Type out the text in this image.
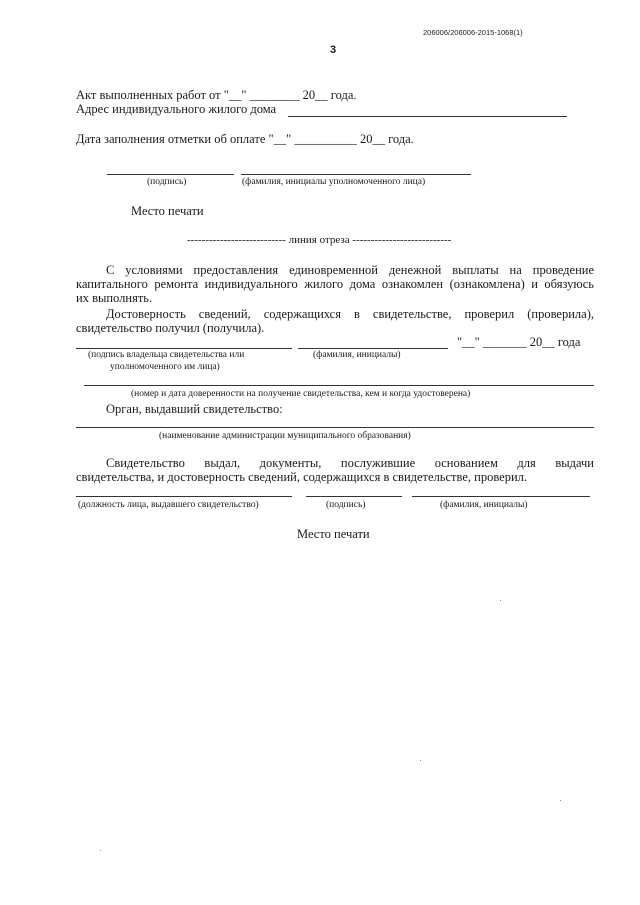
206006/206006-2015-1068(1)
3
Акт выполненных работ от "__" ________ 20__ года.
Адрес индивидуального жилого дома
Дата заполнения отметки об оплате "__" __________ 20__ года.
(подпись)	(фамилия, инициалы уполномоченного лица)
Место печати
--------------------------- линия отреза ---------------------------
С условиями предоставления единовременной денежной выплаты на проведение
капитального ремонта индивидуального жилого дома ознакомлен (ознакомлена) и обязуюсь
их выполнять.
Достоверность сведений, содержащихся в свидетельстве, проверил (проверила),
свидетельство получил (получила).
"__" _______ 20__ года
(подпись владельца свидетельства или
уполномоченного им лица)
(фамилия, инициалы)
(номер и дата доверенности на получение свидетельства, кем и когда удостоверена)
Орган, выдавший свидетельство:
(наименование администрации муниципального образования)
Свидетельство выдал, документы, послужившие основанием для выдачи
свидетельства, и достоверность сведений, содержащихся в свидетельстве, проверил.
(должность лица, выдавшего свидетельство)	(подпись)	(фамилия, инициалы)
Место печати
